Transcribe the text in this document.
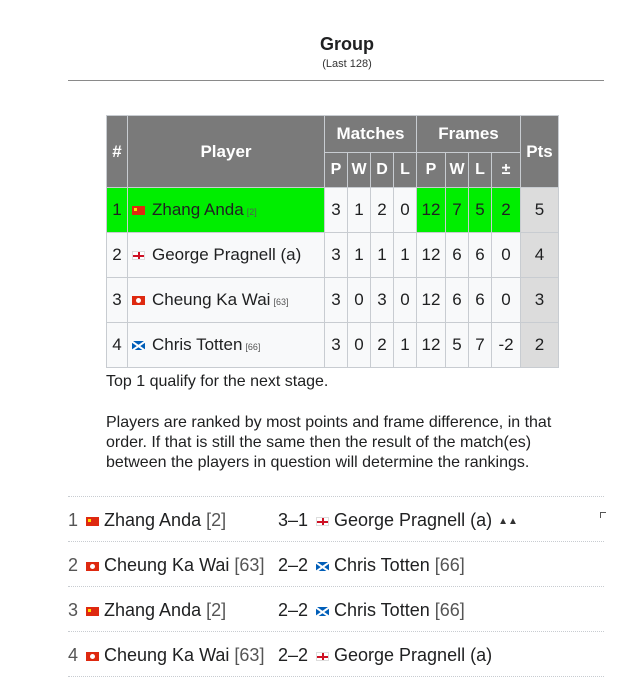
Group
(Last 128)
#	Player	Matches				Frames				Pts
		P	W	D	L	P	W	L	±	
1	Zhang Anda [2]	3	1	2	0	12	7	5	2	5
2	George Pragnell (a)	3	1	1	1	12	6	6	0	4
3	Cheung Ka Wai [63]	3	0	3	0	12	6	6	0	3
4	Chris Totten [66]	3	0	2	1	12	5	7	-2	2
Top 1 qualify for the next stage.
Players are ranked by most points and frame difference, in that order. If that is still the same then the result of the match(es) between the players in question will determine the rankings.
1	Zhang Anda [2]	3–1	George Pragnell (a) ▲▲
2	Cheung Ka Wai [63] 2–2	Chris Totten [66]
3	Zhang Anda [2]	2–2	Chris Totten [66]
4	Cheung Ka Wai [63] 2–2	George Pragnell (a)
